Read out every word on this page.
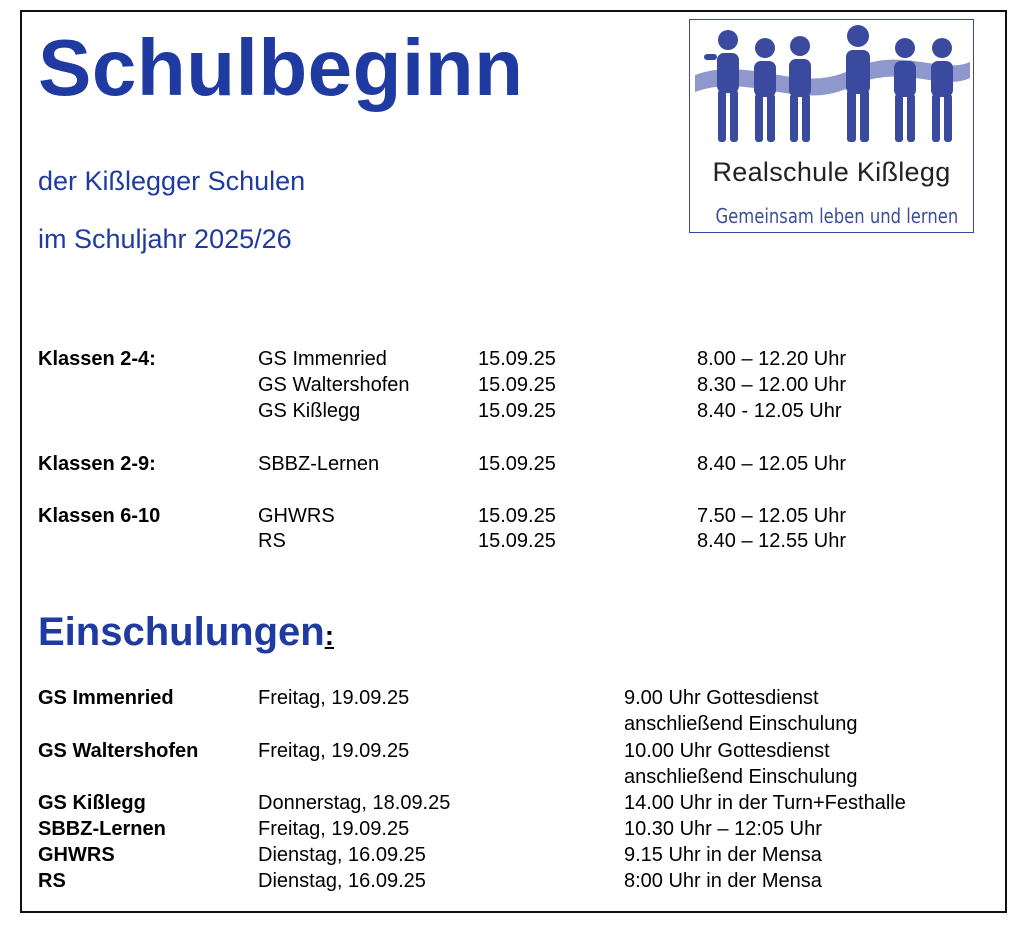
Schulbeginn
der Kißlegger Schulen
im Schuljahr 2025/26
Realschule Kißlegg
Gemeinsam leben und lernen
Klassen 2-4:	GS Immenried	15.09.25	8.00 – 12.20 Uhr
GS Waltershofen	15.09.25	8.30 – 12.00 Uhr
GS Kißlegg	15.09.25	8.40 - 12.05 Uhr
Klassen 2-9:	SBBZ-Lernen	15.09.25	8.40 – 12.05 Uhr
Klassen 6-10	GHWRS	15.09.25	7.50 – 12.05 Uhr
RS	15.09.25	8.40 – 12.55 Uhr
Einschulungen:
GS Immenried	Freitag, 19.09.25	9.00 Uhr Gottesdienst
anschließend Einschulung
GS Waltershofen	Freitag, 19.09.25	10.00 Uhr Gottesdienst
anschließend Einschulung
GS Kißlegg	Donnerstag, 18.09.25	14.00 Uhr in der Turn+Festhalle
SBBZ-Lernen	Freitag, 19.09.25	10.30 Uhr – 12:05 Uhr
GHWRS	Dienstag, 16.09.25	9.15 Uhr in der Mensa
RS	Dienstag, 16.09.25	8:00 Uhr in der Mensa
